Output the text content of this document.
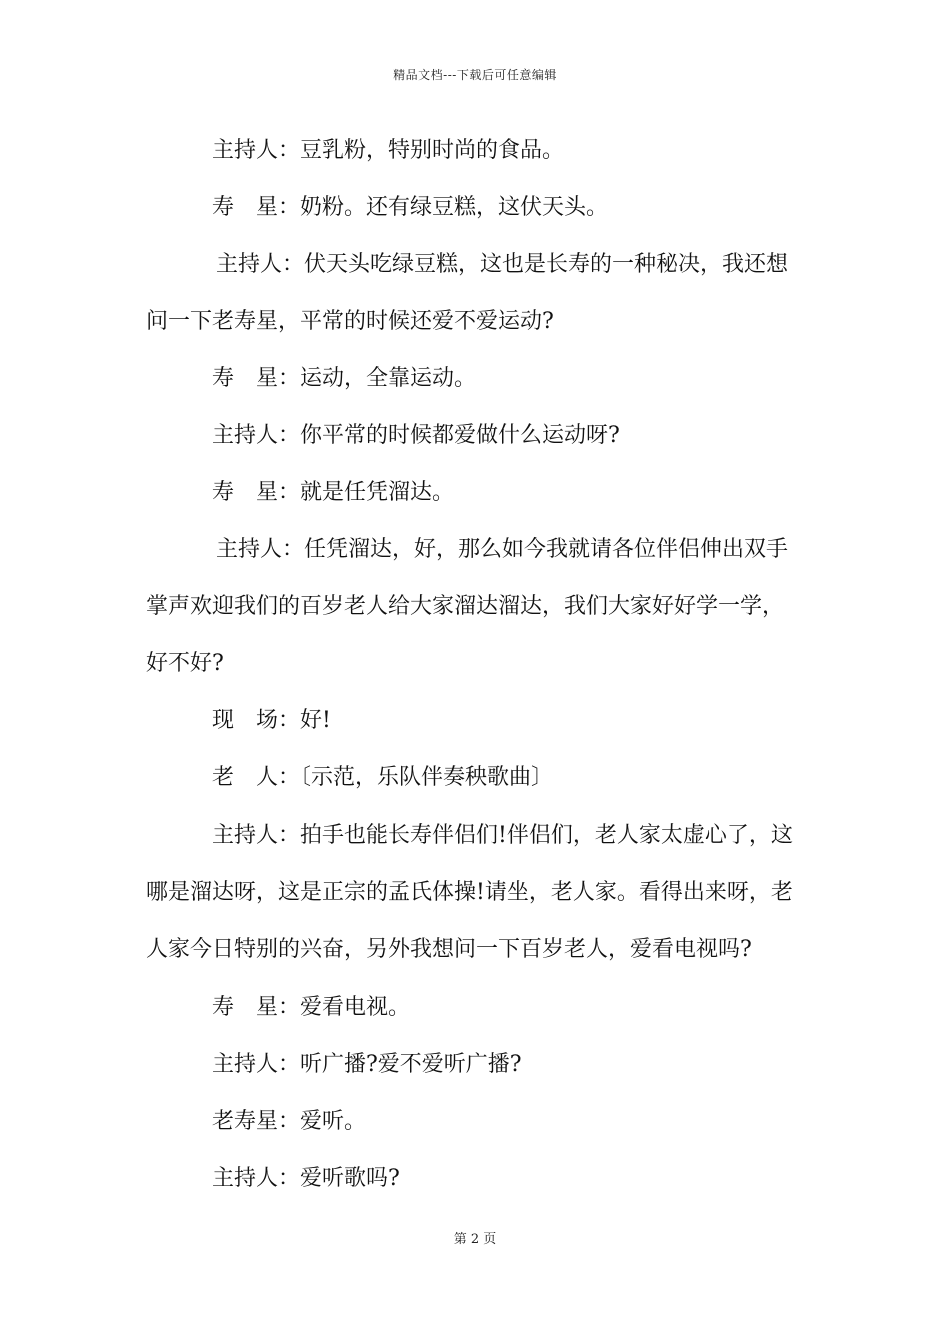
精品文档---下载后可任意编辑
主持人：豆乳粉，特别时尚的食品。
寿　星：奶粉。还有绿豆糕，这伏天头。
主持人：伏天头吃绿豆糕，这也是长寿的一种秘决，我还想
问一下老寿星，平常的时候还爱不爱运动?
寿　星：运动，全靠运动。
主持人：你平常的时候都爱做什么运动呀?
寿　星：就是任凭溜达。
主持人：任凭溜达，好，那么如今我就请各位伴侣伸出双手
掌声欢迎我们的百岁老人给大家溜达溜达，我们大家好好学一学，
好不好?
现　场：好!
老　人：〔示范，乐队伴奏秧歌曲〕
主持人：拍手也能长寿伴侣们!伴侣们，老人家太虚心了，这
哪是溜达呀，这是正宗的孟氏体操!请坐，老人家。看得出来呀，老
人家今日特别的兴奋，另外我想问一下百岁老人，爱看电视吗?
寿　星：爱看电视。
主持人：听广播?爱不爱听广播?
老寿星：爱听。
主持人：爱听歌吗?
第 2 页
